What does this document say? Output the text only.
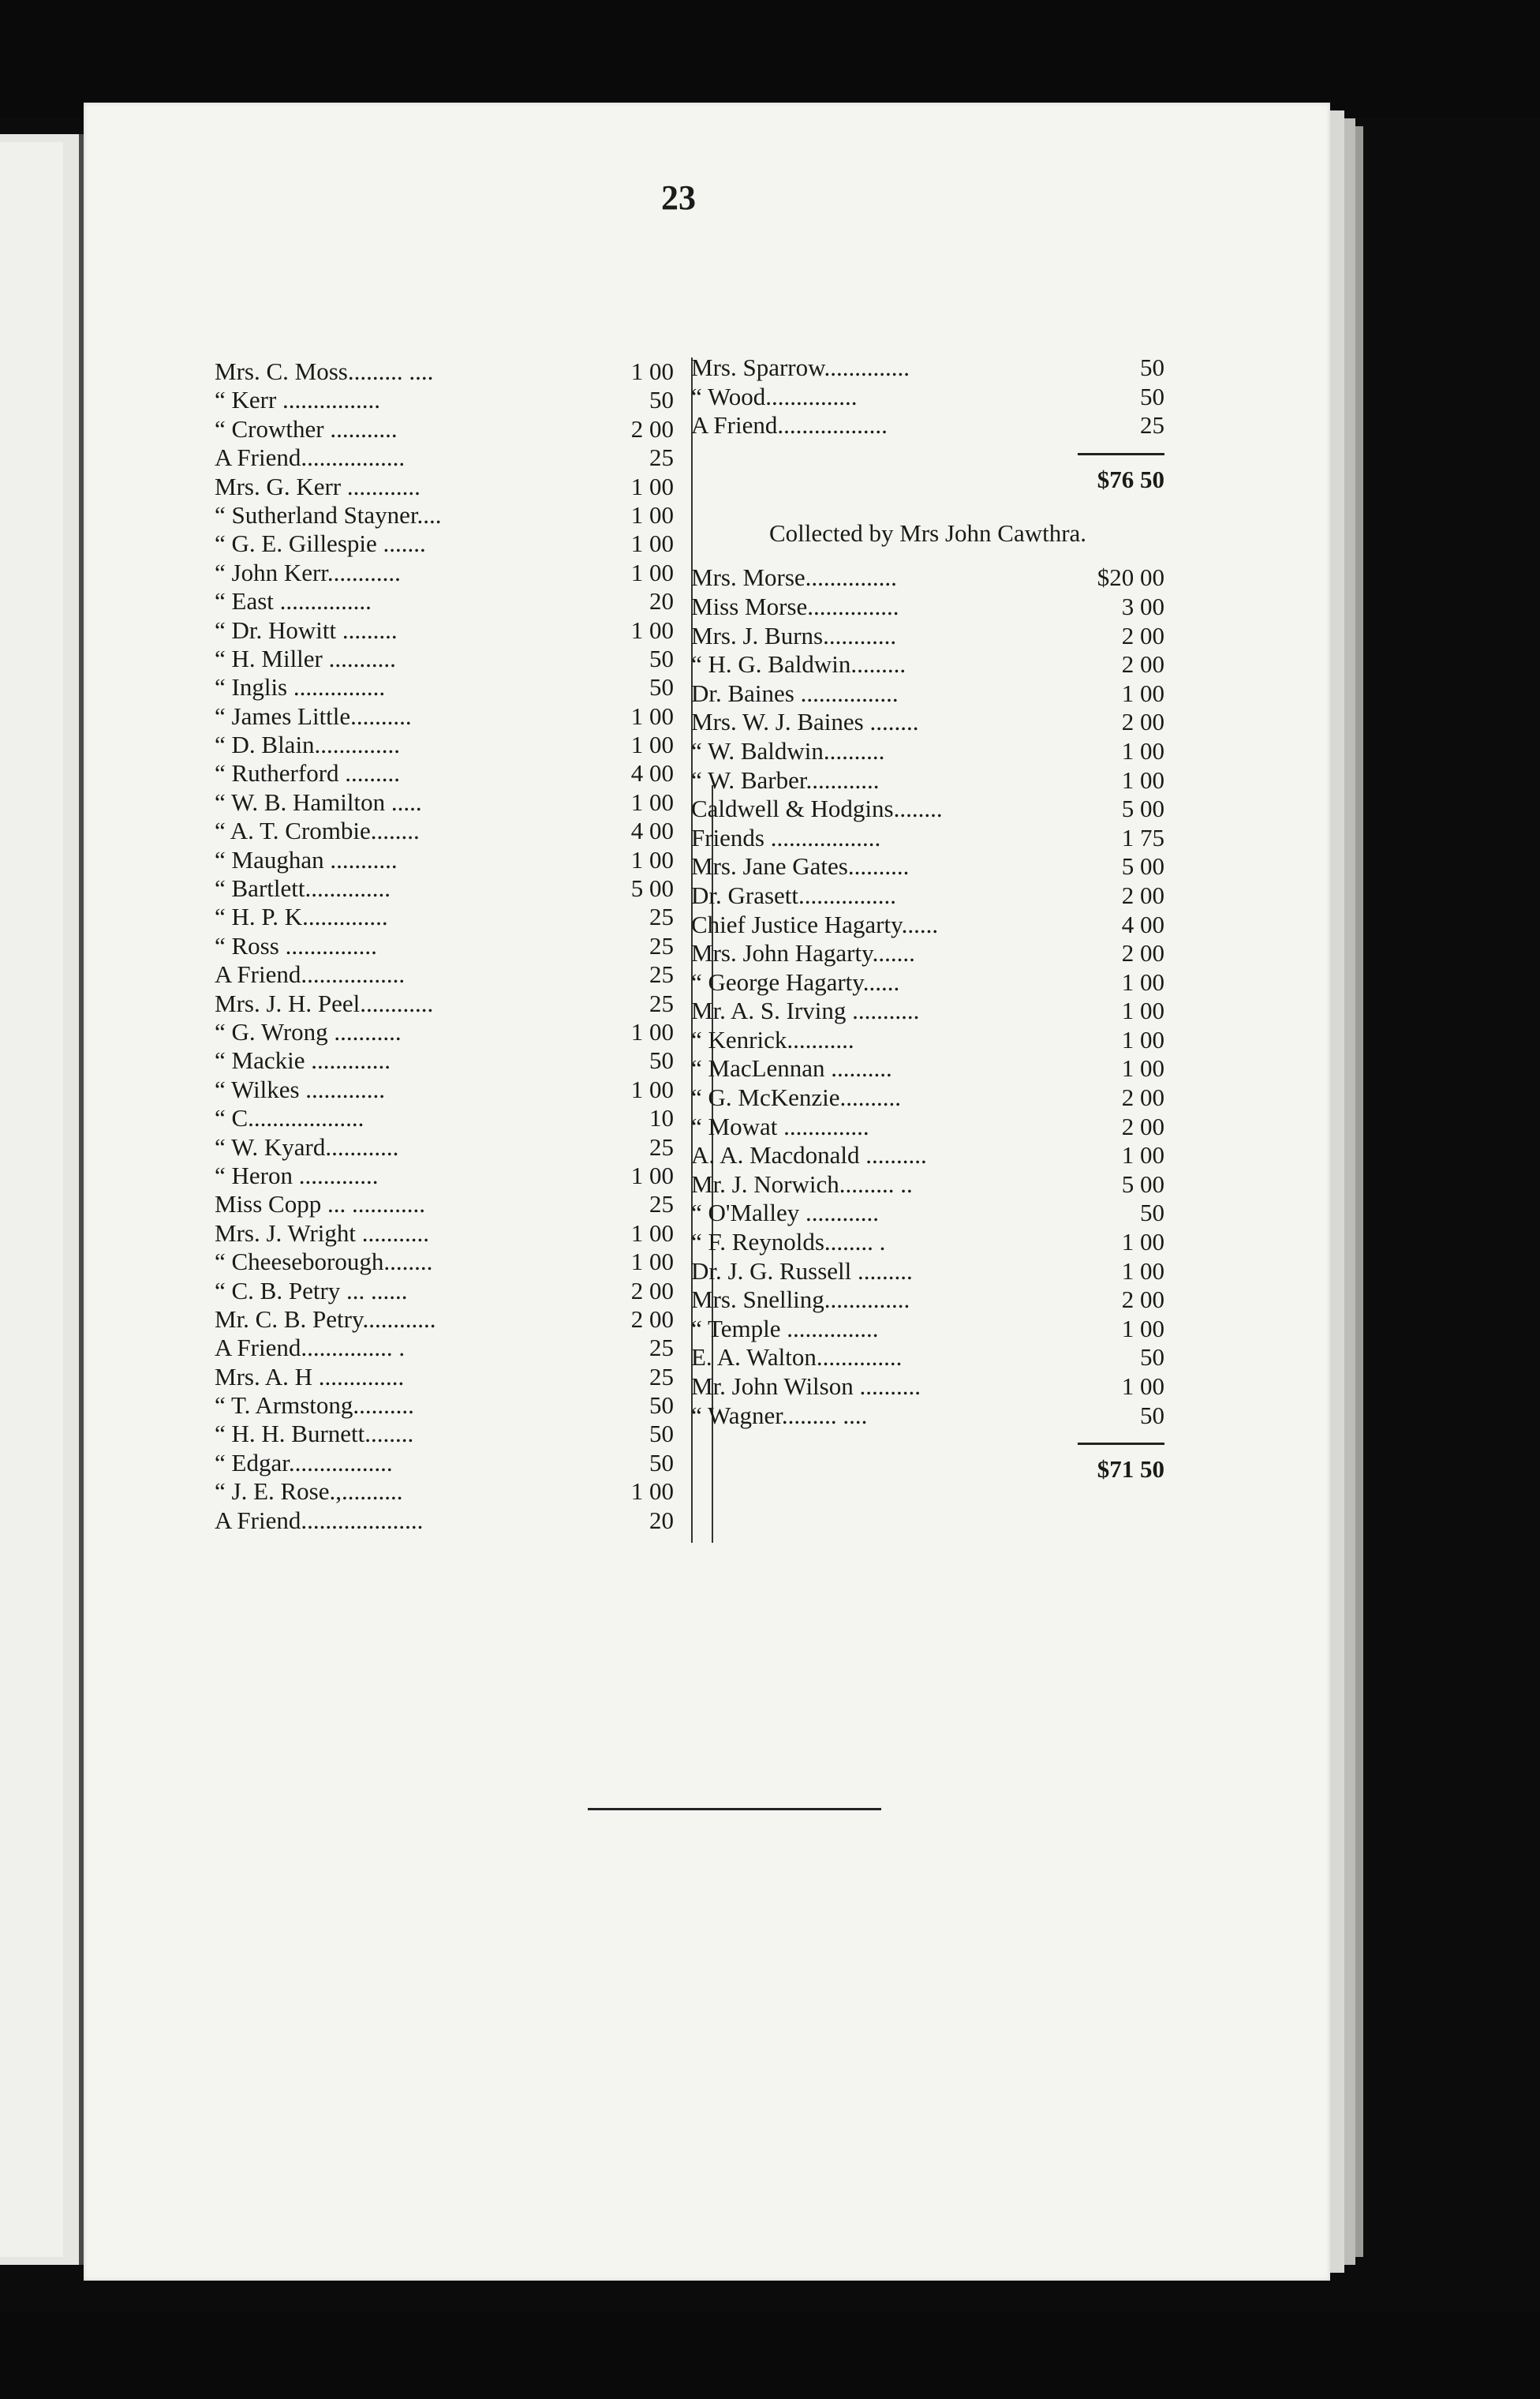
23
Mrs. C. Moss......... ....	1 00
“ Kerr ................	50
“ Crowther ...........	2 00
A Friend.................	25
Mrs. G. Kerr ............	1 00
“ Sutherland Stayner....	1 00
“ G. E. Gillespie .......	1 00
“ John Kerr............	1 00
“ East ...............	20
“ Dr. Howitt .........	1 00
“ H. Miller ...........	50
“ Inglis ...............	50
“ James Little..........	1 00
“ D. Blain..............	1 00
“ Rutherford .........	4 00
“ W. B. Hamilton .....	1 00
“ A. T. Crombie........	4 00
“ Maughan ...........	1 00
“ Bartlett..............	5 00
“ H. P. K..............	25
“ Ross ...............	25
A Friend.................	25
Mrs. J. H. Peel............	25
“ G. Wrong ...........	1 00
“ Mackie .............	50
“ Wilkes .............	1 00
“ C...................	10
“ W. Kyard............	25
“ Heron .............	1 00
Miss Copp ... ............	25
Mrs. J. Wright ...........	1 00
“ Cheeseborough........	1 00
“ C. B. Petry ... ......	2 00
Mr. C. B. Petry............	2 00
A Friend............... .	25
Mrs. A. H ..............	25
“ T. Armstong..........	50
“ H. H. Burnett........	50
“ Edgar.................	50
“ J. E. Rose.,..........	1 00
A Friend....................	20
Mrs. Sparrow..............	50
“ Wood...............	50
A Friend..................	25
$76 50
Collected by Mrs John Cawthra.
Mrs. Morse...............	$20 00
Miss Morse...............	3 00
Mrs. J. Burns............	2 00
“ H. G. Baldwin.........	2 00
Dr. Baines ................	1 00
Mrs. W. J. Baines ........	2 00
“ W. Baldwin..........	1 00
“ W. Barber............	1 00
Caldwell & Hodgins........	5 00
Friends ..................	1 75
Mrs. Jane Gates..........	5 00
Dr. Grasett................	2 00
Chief Justice Hagarty......	4 00
Mrs. John Hagarty.......	2 00
“ George Hagarty......	1 00
Mr. A. S. Irving ...........	1 00
“ Kenrick...........	1 00
“ MacLennan ..........	1 00
“ G. McKenzie..........	2 00
“ Mowat ..............	2 00
A. A. Macdonald ..........	1 00
Mr. J. Norwich......... ..	5 00
“ O'Malley ............	50
“ F. Reynolds........ .	1 00
Dr. J. G. Russell .........	1 00
Mrs. Snelling..............	2 00
“ Temple ...............	1 00
E. A. Walton..............	50
Mr. John Wilson ..........	1 00
“ Wagner......... ....	50
$71 50
